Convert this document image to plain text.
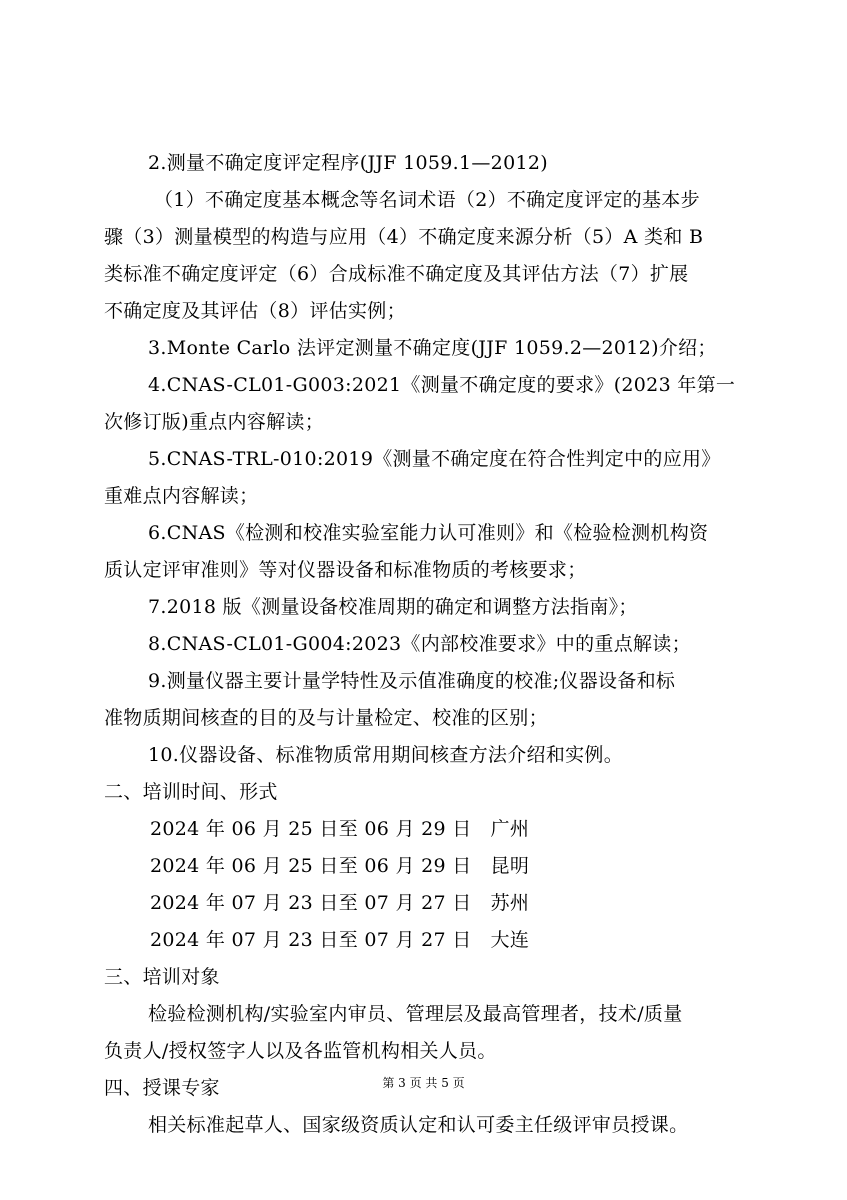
2.测量不确定度评定程序(JJF 1059.1—2012)
（1）不确定度基本概念等名词术语（2）不确定度评定的基本步
骤（3）测量模型的构造与应用（4）不确定度来源分析（5）A 类和 B
类标准不确定度评定（6）合成标准不确定度及其评估方法（7）扩展
不确定度及其评估（8）评估实例；
3.Monte Carlo 法评定测量不确定度(JJF 1059.2—2012)介绍；
4.CNAS-CL01-G003:2021《测量不确定度的要求》(2023 年第一
次修订版)重点内容解读；
5.CNAS-TRL-010:2019《测量不确定度在符合性判定中的应用》
重难点内容解读；
6.CNAS《检测和校准实验室能力认可准则》和《检验检测机构资
质认定评审准则》等对仪器设备和标准物质的考核要求；
7.2018 版《测量设备校准周期的确定和调整方法指南》；
8.CNAS-CL01-G004:2023《内部校准要求》中的重点解读；
9.测量仪器主要计量学特性及示值准确度的校准;仪器设备和标
准物质期间核查的目的及与计量检定、校准的区别；
10.仪器设备、标准物质常用期间核查方法介绍和实例。
二、培训时间、形式
2024 年 06 月 25 日至 06 月 29 日   广州
2024 年 06 月 25 日至 06 月 29 日   昆明
2024 年 07 月 23 日至 07 月 27 日   苏州
2024 年 07 月 23 日至 07 月 27 日   大连
三、培训对象
检验检测机构/实验室内审员、管理层及最高管理者，技术/质量
负责人/授权签字人以及各监管机构相关人员。
四、授课专家
相关标准起草人、国家级资质认定和认可委主任级评审员授课。
第 3 页 共 5 页
